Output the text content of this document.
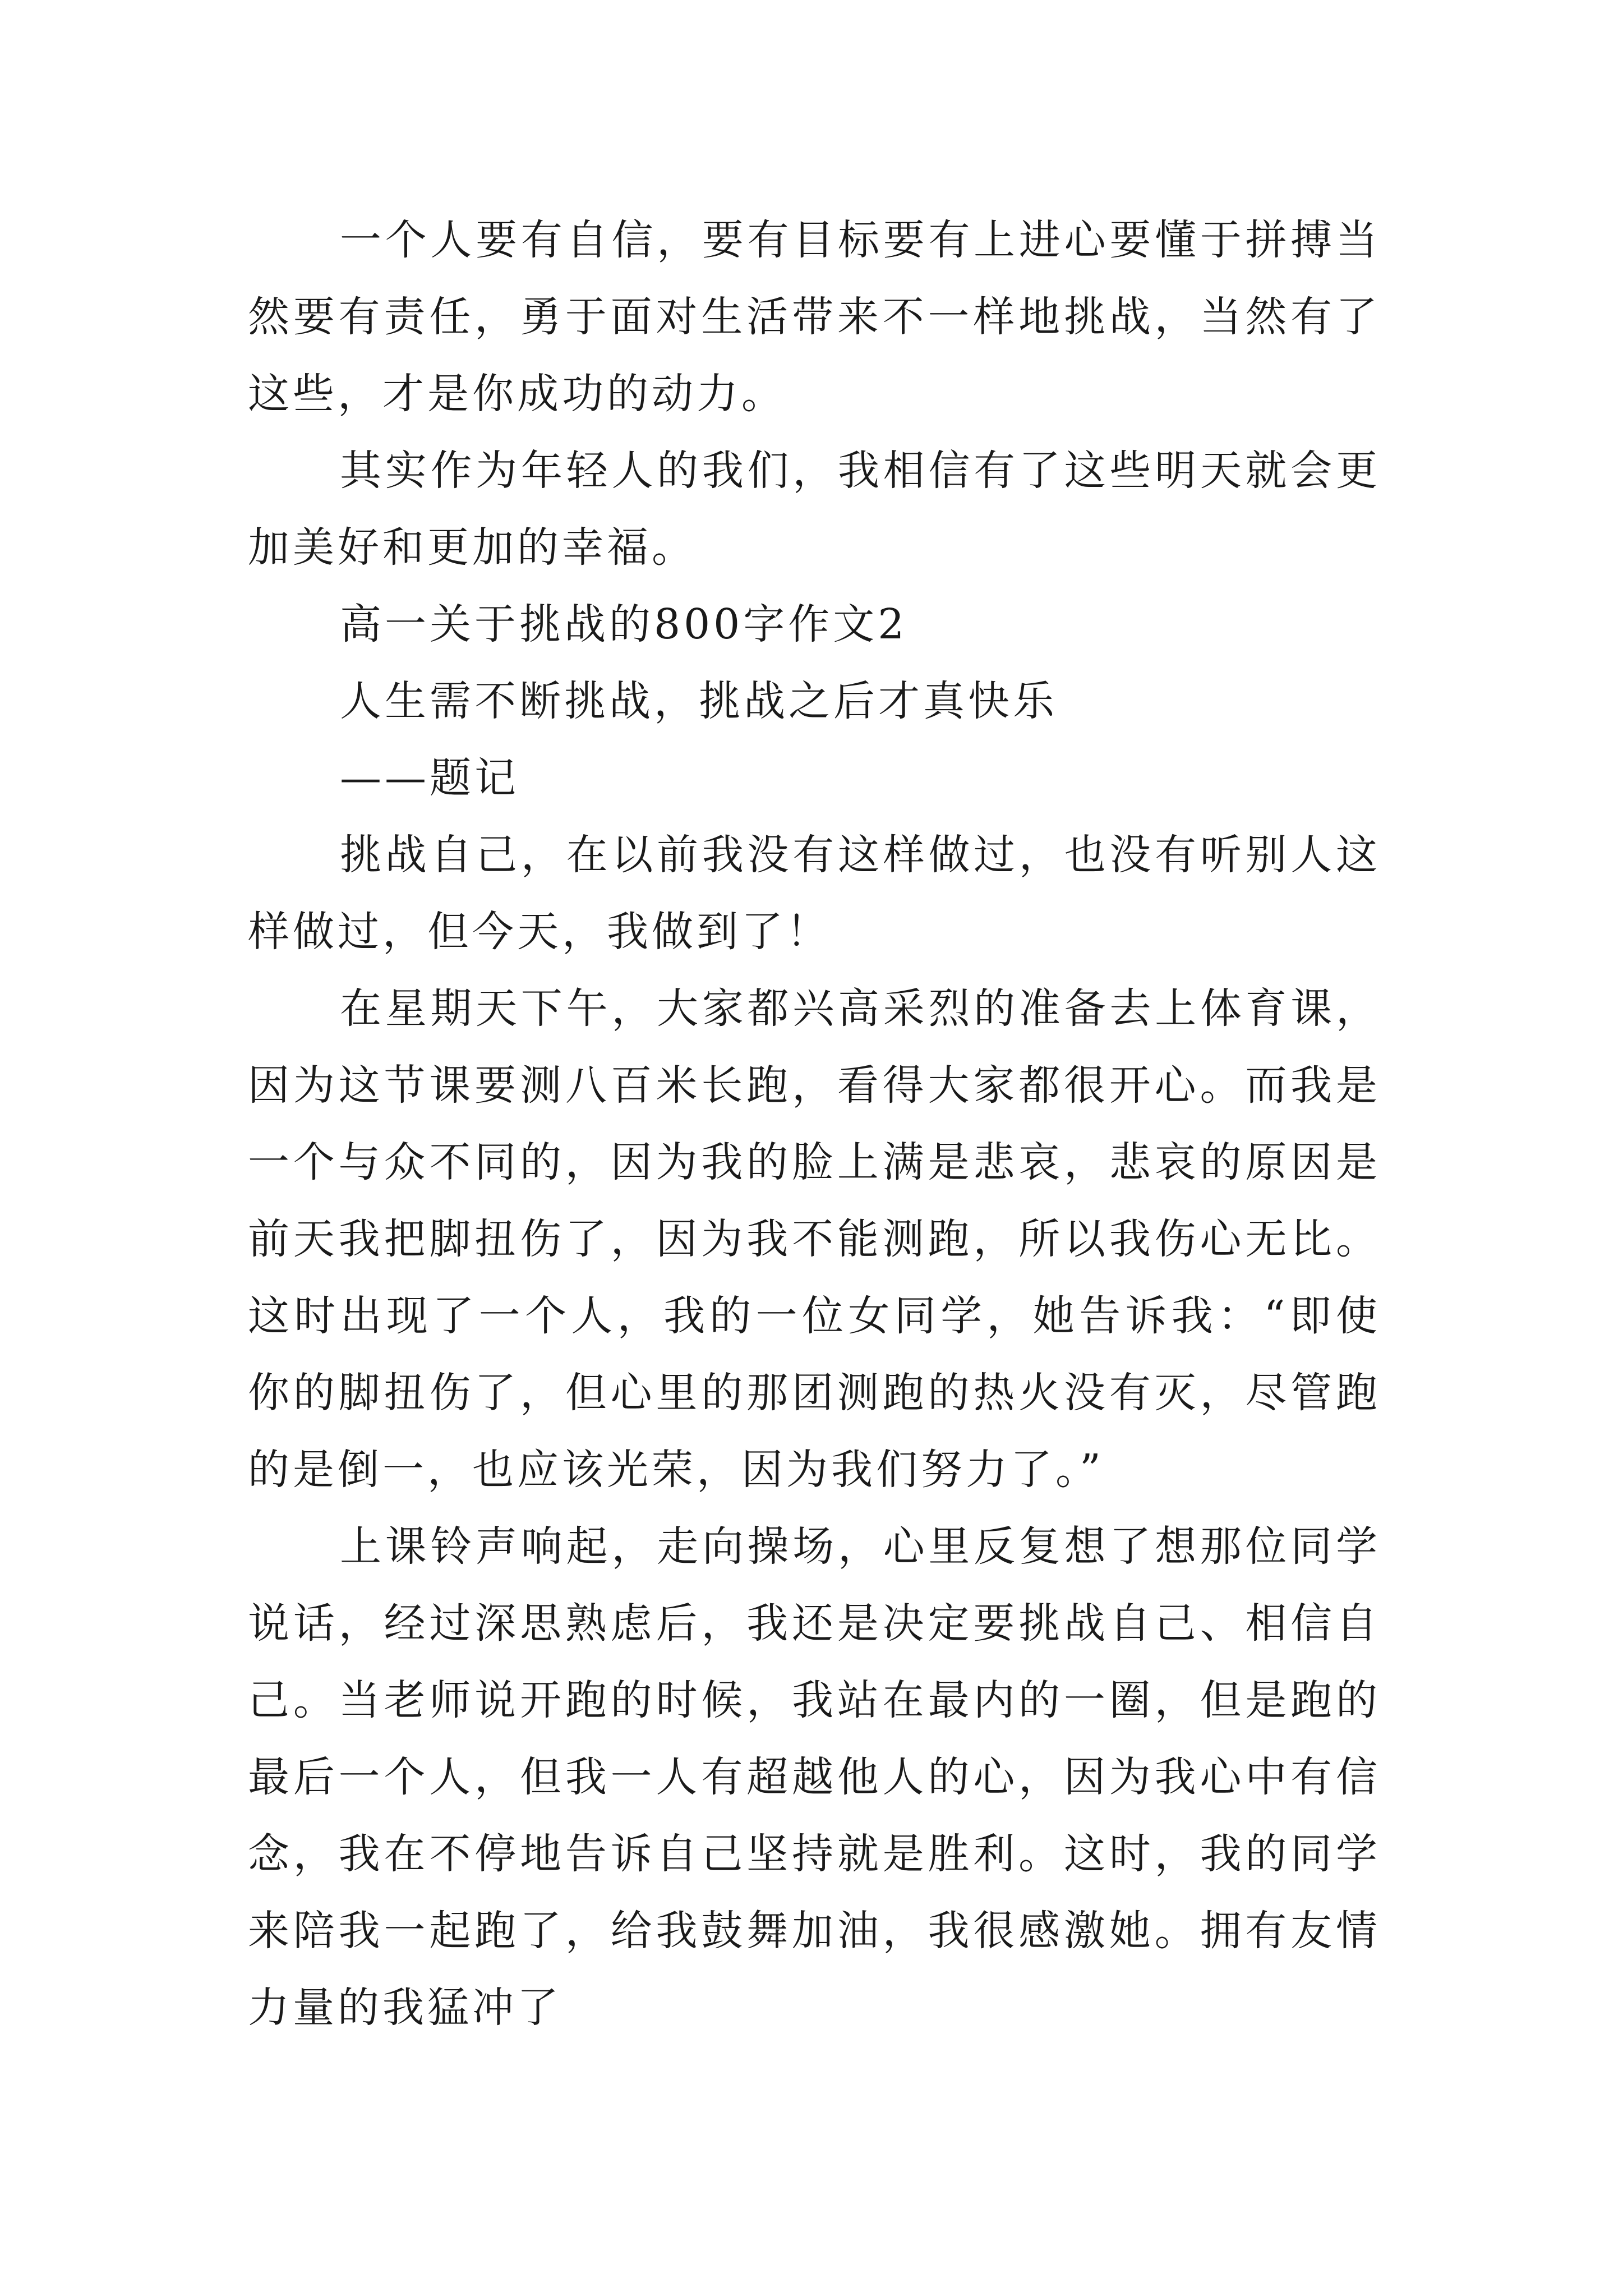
一个人要有自信，要有目标要有上进心要懂于拼搏当然要有责任，勇于面对生活带来不一样地挑战，当然有了这些，才是你成功的动力。

其实作为年轻人的我们，我相信有了这些明天就会更加美好和更加的幸福。

高一关于挑战的800字作文2

人生需不断挑战，挑战之后才真快乐

——题记

挑战自己，在以前我没有这样做过，也没有听别人这样做过，但今天，我做到了！

在星期天下午，大家都兴高采烈的准备去上体育课，因为这节课要测八百米长跑，看得大家都很开心。而我是一个与众不同的，因为我的脸上满是悲哀，悲哀的原因是前天我把脚扭伤了，因为我不能测跑，所以我伤心无比。这时出现了一个人，我的一位女同学，她告诉我：“即使你的脚扭伤了，但心里的那团测跑的热火没有灭，尽管跑的是倒一，也应该光荣，因为我们努力了。”

上课铃声响起，走向操场，心里反复想了想那位同学说话，经过深思熟虑后，我还是决定要挑战自己、相信自己。当老师说开跑的时候，我站在最内的一圈，但是跑的最后一个人，但我一人有超越他人的心，因为我心中有信念，我在不停地告诉自己坚持就是胜利。这时，我的同学来陪我一起跑了，给我鼓舞加油，我很感激她。拥有友情力量的我猛冲了
